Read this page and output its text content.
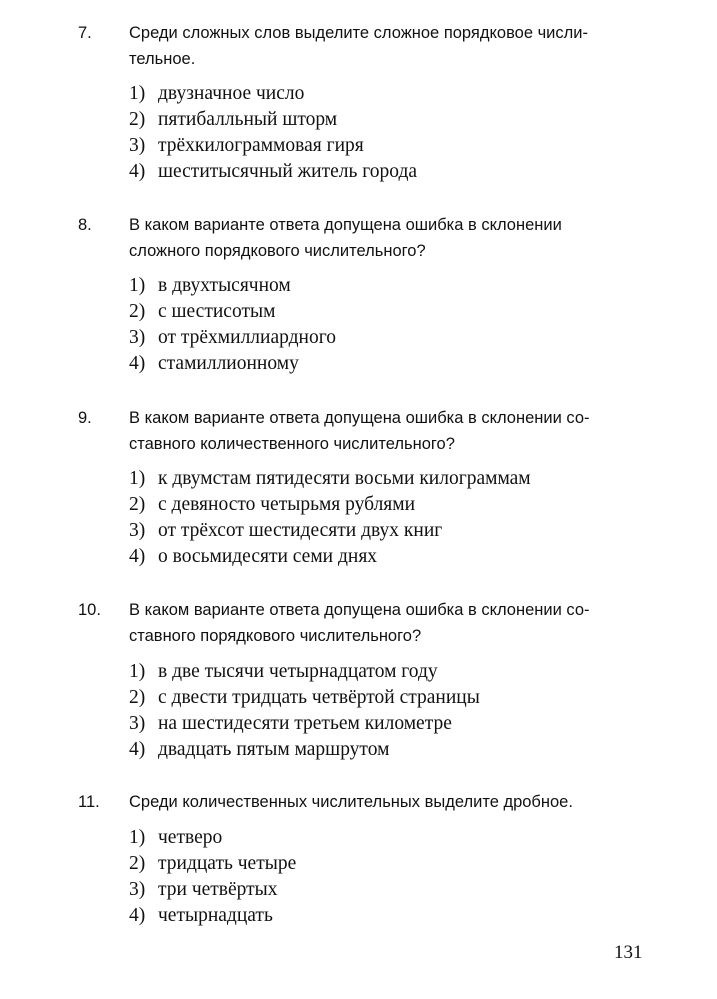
7. Среди сложных слов выделите сложное порядковое числи-
тельное.
1) двузначное число
2) пятибалльный шторм
3) трёхкилограммовая гиря
4) шеститысячный житель города
8. В каком варианте ответа допущена ошибка в склонении
сложного порядкового числительного?
1) в двухтысячном
2) с шестисотым
3) от трёхмиллиардного
4) стамиллионному
9. В каком варианте ответа допущена ошибка в склонении со-
ставного количественного числительного?
1) к двумстам пятидесяти восьми килограммам
2) с девяносто четырьмя рублями
3) от трёхсот шестидесяти двух книг
4) о восьмидесяти семи днях
10. В каком варианте ответа допущена ошибка в склонении со-
ставного порядкового числительного?
1) в две тысячи четырнадцатом году
2) с двести тридцать четвёртой страницы
3) на шестидесяти третьем километре
4) двадцать пятым маршрутом
11. Среди количественных числительных выделите дробное.
1) четверо
2) тридцать четыре
3) три четвёртых
4) четырнадцать
131
